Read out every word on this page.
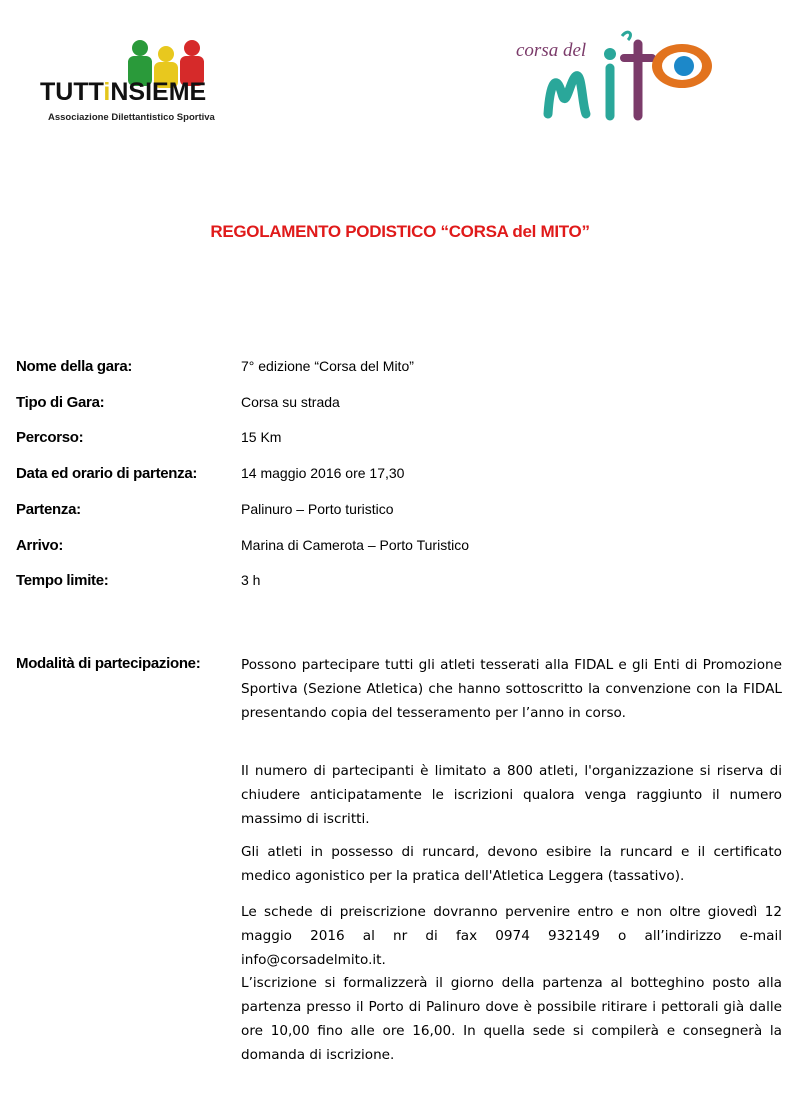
TUTTiNSIEME
Associazione Dilettantistico Sportiva
corsa del
REGOLAMENTO PODISTICO “CORSA del MITO”
Nome della gara:	7° edizione “Corsa del Mito”
Tipo di Gara:	Corsa su strada
Percorso:	15 Km
Data ed orario di partenza:	14 maggio 2016 ore 17,30
Partenza:	Palinuro – Porto turistico
Arrivo:	Marina di Camerota – Porto Turistico
Tempo limite:	3 h
Modalità di partecipazione:	Possono partecipare tutti gli atleti tesserati alla FIDAL e gli Enti di Promozione Sportiva (Sezione Atletica) che hanno sottoscritto la convenzione con la FIDAL presentando copia del tesseramento per l’anno in corso.

Il numero di partecipanti è limitato a 800 atleti, l'organizzazione si riserva di chiudere anticipatamente le iscrizioni qualora venga raggiunto il numero massimo di iscritti.

Gli atleti in possesso di runcard, devono esibire la runcard e il certificato medico agonistico per la pratica dell'Atletica Leggera (tassativo).

Le schede di preiscrizione dovranno pervenire entro e non oltre giovedì 12 maggio 2016 al nr di fax 0974 932149 o all’indirizzo e-mail info@corsadelmito.it.

L’iscrizione si formalizzerà il giorno della partenza al botteghino posto alla partenza presso il Porto di Palinuro dove è possibile ritirare i pettorali già dalle ore 10,00 fino alle ore 16,00. In quella sede si compilerà e consegnerà la domanda di iscrizione.
